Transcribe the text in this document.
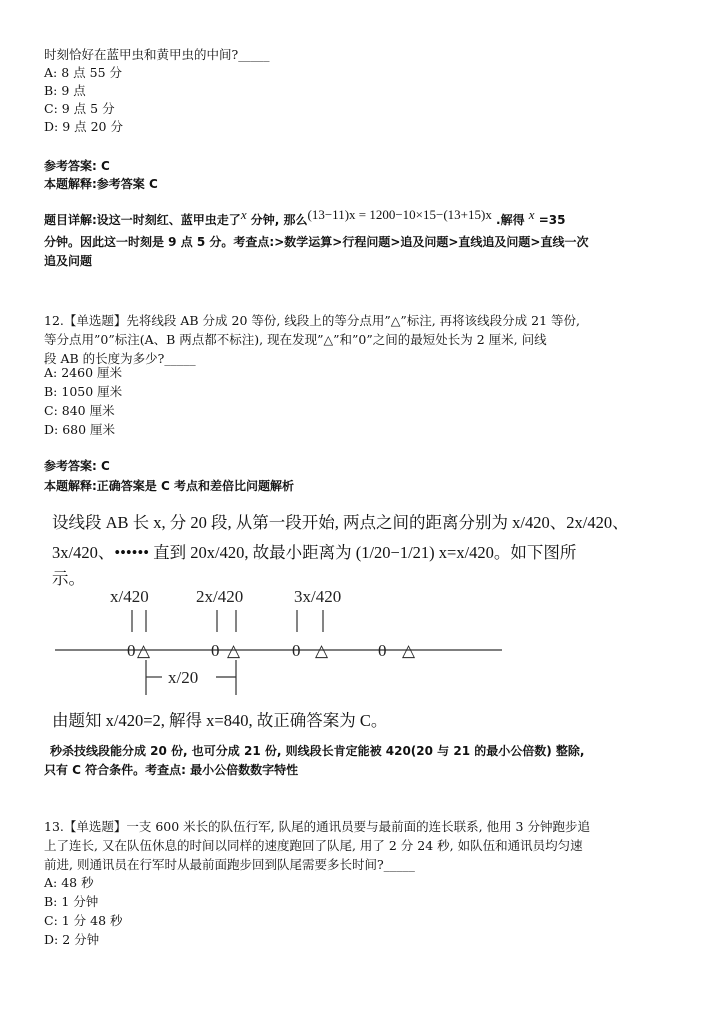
时刻恰好在蓝甲虫和黄甲虫的中间?_____
A: 8 点 55 分
B: 9 点
C: 9 点 5 分
D: 9 点 20 分
参考答案: C
本题解释:参考答案 C
题目详解:设这一时刻红、蓝甲虫走了$^x$ 分钟, 那么$^{(13-11)x = 1200-10\times 15-(13+15)x}$ .解得 $^x$ =35
分钟。因此这一时刻是 9 点 5 分。考查点:>数学运算>行程问题>追及问题>直线追及问题>直线一次
追及问题
12.【单选题】先将线段 AB 分成 20 等份, 线段上的等分点用”△”标注, 再将该线段分成 21 等份,
等分点用”0”标注(A、B 两点都不标注), 现在发现”△”和”0”之间的最短处长为 2 厘米, 问线
段 AB 的长度为多少?_____
A: 2460 厘米
B: 1050 厘米
C: 840 厘米
D: 680 厘米
参考答案: C
本题解释:正确答案是 C 考点和差倍比问题解析
设线段 AB 长 x, 分 20 段, 从第一段开始, 两点之间的距离分别为 x/420、2x/420、
3x/420、•••••• 直到 20x/420, 故最小距离为 (1/20−1/21) x=x/420。如下图所
示。
x/420	2x/420	3x/420
0 △	0 △	0 △	0 △
x/20
由题知 x/420=2, 解得 x=840, 故正确答案为 C。
秒杀技线段能分成 20 份, 也可分成 21 份, 则线段长肯定能被 420(20 与 21 的最小公倍数) 整除,
只有 C 符合条件。考查点: 最小公倍数数字特性
13.【单选题】一支 600 米长的队伍行军, 队尾的通讯员要与最前面的连长联系, 他用 3 分钟跑步追
上了连长, 又在队伍休息的时间以同样的速度跑回了队尾, 用了 2 分 24 秒, 如队伍和通讯员均匀速
前进, 则通讯员在行军时从最前面跑步回到队尾需要多长时间?_____
A: 48 秒
B: 1 分钟
C: 1 分 48 秒
D: 2 分钟
